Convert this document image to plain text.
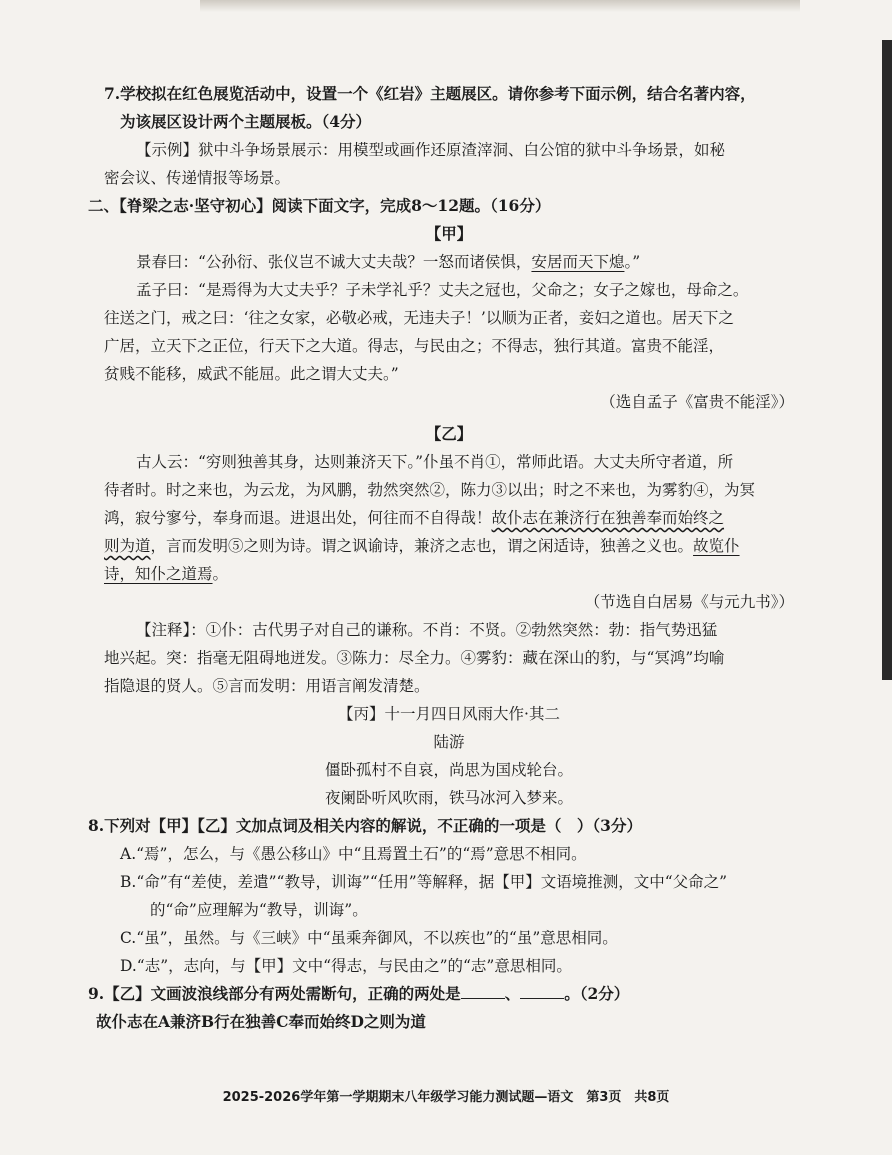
7.学校拟在红色展览活动中，设置一个《红岩》主题展区。请你参考下面示例，结合名著内容，

为该展区设计两个主题展板。（4分）

【示例】狱中斗争场景展示：用模型或画作还原渣滓洞、白公馆的狱中斗争场景，如秘

密会议、传递情报等场景。

二、【脊梁之志·坚守初心】阅读下面文字，完成8～12题。（16分）

【甲】

景春曰：“公孙衍、张仪岂不诚大丈夫哉？一怒而诸侯惧，安居而天下熄。”

孟子曰：“是焉得为大丈夫乎？子未学礼乎？丈夫之冠也，父命之；女子之嫁也，母命之。

往送之门，戒之曰：‘往之女家，必敬必戒，无违夫子！’以顺为正者，妾妇之道也。居天下之

广居，立天下之正位，行天下之大道。得志，与民由之；不得志，独行其道。富贵不能淫，

贫贱不能移，威武不能屈。此之谓大丈夫。”

（选自孟子《富贵不能淫》）

【乙】

古人云：“穷则独善其身，达则兼济天下。”仆虽不肖①，常师此语。大丈夫所守者道，所

待者时。时之来也，为云龙，为风鹏，勃然突然②，陈力③以出；时之不来也，为雾豹④，为冥

鸿，寂兮寥兮，奉身而退。进退出处，何往而不自得哉！故仆志在兼济行在独善奉而始终之

则为道，言而发明⑤之则为诗。谓之讽谕诗，兼济之志也，谓之闲适诗，独善之义也。故览仆

诗，知仆之道焉。

（节选自白居易《与元九书》）

【注释】：①仆：古代男子对自己的谦称。不肖：不贤。②勃然突然：勃：指气势迅猛

地兴起。突：指毫无阻碍地迸发。③陈力：尽全力。④雾豹：藏在深山的豹，与“冥鸿”均喻

指隐退的贤人。⑤言而发明：用语言阐发清楚。

【丙】十一月四日风雨大作·其二

陆游

僵卧孤村不自哀，尚思为国戍轮台。

夜阑卧听风吹雨，铁马冰河入梦来。

8.下列对【甲】【乙】文加点词及相关内容的解说，不正确的一项是（　）（3分）

A.“焉”，怎么，与《愚公移山》中“且焉置土石”的“焉”意思不相同。

B.“命”有“差使，差遣”“教导，训诲”“任用”等解释，据【甲】文语境推测，文中“父命之”

的“命”应理解为“教导，训诲”。

C.“虽”，虽然。与《三峡》中“虽乘奔御风，不以疾也”的“虽”意思相同。

D.“志”，志向，与【甲】文中“得志，与民由之”的“志”意思相同。

9.【乙】文画波浪线部分有两处需断句，正确的两处是	、	。（2分）

故仆志在A兼济B行在独善C奉而始终D之则为道

2025-2026学年第一学期期末八年级学习能力测试题—语文　第3页　共8页
